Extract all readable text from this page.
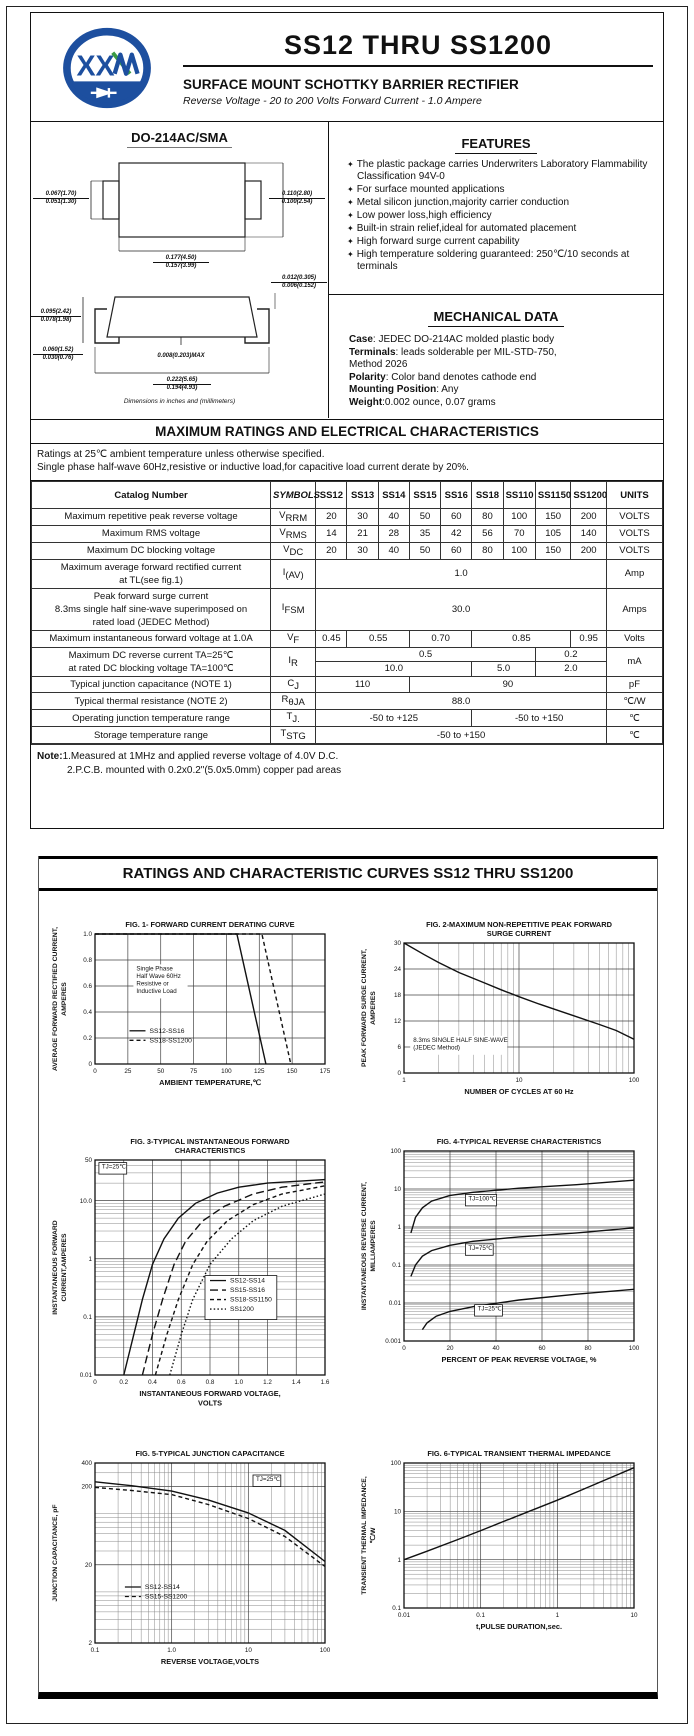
X X
SS12 THRU SS1200
SURFACE MOUNT SCHOTTKY BARRIER RECTIFIER
Reverse Voltage - 20 to 200 Volts Forward Current - 1.0 Ampere
DO-214AC/SMA
0.067(1.70)
0.051(1.30)
0.110(2.80)
0.100(2.54)
0.177(4.50)
0.157(3.99)
0.012(0.305)
0.006(0.152)
0.095(2.42)
0.078(1.98)
0.060(1.52)
0.030(0.76)	0.008(0.203)MAX
0.222(5.65)
0.194(4.93)
Dimensions in inches and (millimeters)
FEATURES
✦ The plastic package carries Underwriters Laboratory Flammability Classification 94V-0
✦ For surface mounted applications
✦ Metal silicon junction,majority carrier conduction
✦ Low power loss,high efficiency
✦ Built-in strain relief,ideal for automated placement
✦ High forward surge current capability
✦ High temperature soldering guaranteed: 250℃/10 seconds at terminals
MECHANICAL DATA
Case: JEDEC DO-214AC molded plastic body
Terminals: leads solderable per MIL-STD-750,
Method 2026
Polarity: Color band denotes cathode end
Mounting Position: Any
Weight:0.002 ounce, 0.07 grams
MAXIMUM RATINGS AND ELECTRICAL CHARACTERISTICS
Ratings at 25℃ ambient temperature unless otherwise specified.
Single phase half-wave 60Hz,resistive or inductive load,for capacitive load current derate by 20%.
Catalog Number	SYMBOLS	SS12	SS13	SS14	SS15	SS16	SS18	SS110	SS1150	SS1200	UNITS

Maximum repetitive peak reverse voltage	$V_{RRM}$	20	30	40	50	60	80	100	150	200	VOLTS

Maximum RMS voltage	$V_{RMS}$	14	21	28	35	42	56	70	105	140	VOLTS

Maximum DC blocking voltage	$V_{DC}$	20	30	40	50	60	80	100	150	200	VOLTS

Maximum average forward rectified current
at TL(see fig.1)	$I_{(AV)}$	1.0									Amp

Peak forward surge current
8.3ms single half sine-wave superimposed on
rated load (JEDEC Method)	$I_{FSM}$	30.0									Amps

Maximum instantaneous forward voltage at 1.0A	$V_F$	0.45	0.55		0.70		0.85			0.95	Volts

Maximum DC reverse current TA=25℃
at rated DC blocking voltage TA=100℃	$I_R$	0.5							0.2		mA
		10.0					5.0		2.0		

Typical junction capacitance (NOTE 1)	$C_J$	110			90						pF

Typical thermal resistance (NOTE 2)	$R_{\theta JA}$	88.0									℃/W

Operating junction temperature range	$T_{J.}$	-50 to +125					-50 to +150				℃

Storage temperature range	$T_{STG}$	-50 to +150									℃
Note:1.Measured at 1MHz and applied reverse voltage of 4.0V D.C.
2.P.C.B. mounted with 0.2x0.2"(5.0x5.0mm) copper pad areas
RATINGS AND CHARACTERISTIC CURVES SS12 THRU SS1200
0	25	50	75	100	125	150	175
0
0.2
0.4
0.6
0.8
1.0
FIG. 1- FORWARD CURRENT DERATING CURVE
AMBIENT TEMPERATURE,℃
AVERAGE FORWARD RECTIFIED CURRENT, AMPERES
Single Phase
Half Wave 60Hz
Resistive or
Inductive Load
SS12-SS16
SS18-SS1200
1	10	100
0
6
12
18
24
30
FIG. 2-MAXIMUM NON-REPETITIVE PEAK FORWARD
SURGE CURRENT
NUMBER OF CYCLES AT 60 Hz
PEAK FORWARD SURGE CURRENT, AMPERES
8.3ms SINGLE HALF SINE-WAVE
(JEDEC Method)
0	0.2	0.4	0.6	0.8	1.0	1.2	1.4	1.6
50
10.0
1
0.1
0.01
FIG. 3-TYPICAL INSTANTANEOUS FORWARD
CHARACTERISTICS
INSTANTANEOUS FORWARD VOLTAGE,
VOLTS
INSTANTANEOUS FORWARD CURRENT,AMPERES
TJ=25℃
SS12-SS14
SS15-SS16
SS18-SS1150
SS1200
0	20	40	60	80	100
100
10
1
0.1
0.01
0.001
FIG. 4-TYPICAL REVERSE CHARACTERISTICS
PERCENT OF PEAK REVERSE VOLTAGE, %
INSTANTANEOUS REVERSE CURRENT, MILLIAMPERES
TJ=100℃
TJ=75℃
TJ=25℃
0.1	1.0	10	100
400
200
20
2
FIG. 5-TYPICAL JUNCTION CAPACITANCE
REVERSE VOLTAGE,VOLTS
JUNCTION CAPACITANCE, pF
TJ=25℃
SS12-SS14
SS15-SS1200
0.01	0.1	1	10
100
10
1
0.1
FIG. 6-TYPICAL TRANSIENT THERMAL IMPEDANCE
t,PULSE DURATION,sec.
TRANSIENT THERMAL IMPEDANCE, ℃/W
